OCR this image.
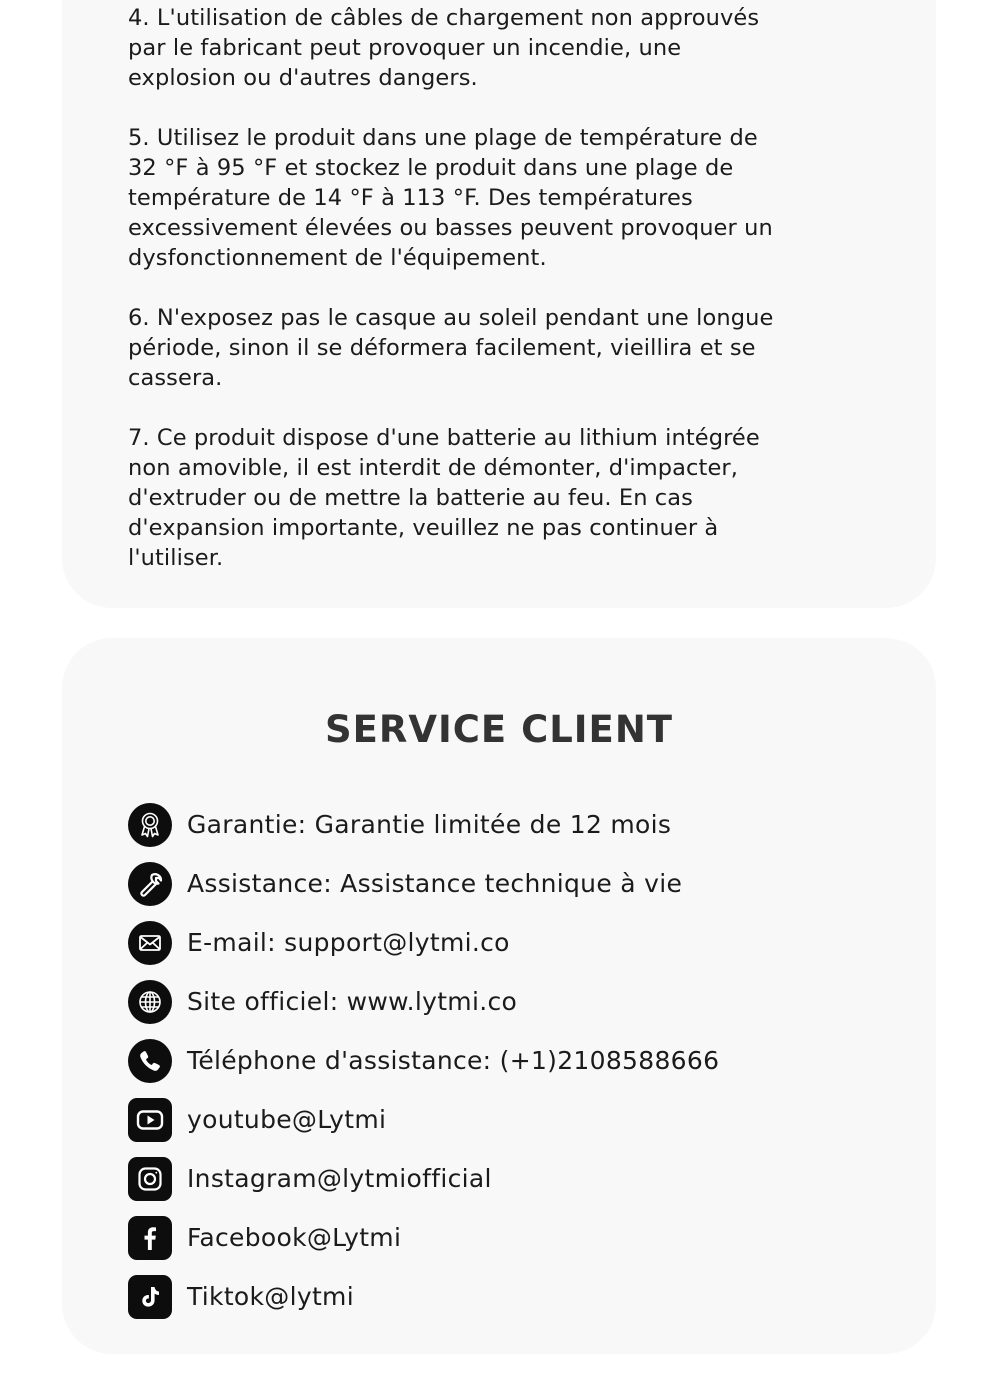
4. L'utilisation de câbles de chargement non approuvés
par le fabricant peut provoquer un incendie, une
explosion ou d'autres dangers.

5. Utilisez le produit dans une plage de température de
32 °F à 95 °F et stockez le produit dans une plage de
température de 14 °F à 113 °F. Des températures
excessivement élevées ou basses peuvent provoquer un
dysfonctionnement de l'équipement.

6. N'exposez pas le casque au soleil pendant une longue
période, sinon il se déformera facilement, vieillira et se
cassera.

7. Ce produit dispose d'une batterie au lithium intégrée
non amovible, il est interdit de démonter, d'impacter,
d'extruder ou de mettre la batterie au feu. En cas
d'expansion importante, veuillez ne pas continuer à
l'utiliser.

SERVICE CLIENT
Garantie: Garantie limitée de 12 mois
Assistance: Assistance technique à vie
E-mail: support@lytmi.co
Site officiel: www.lytmi.co
Téléphone d'assistance: (+1)2108588666
youtube@Lytmi
Instagram@lytmiofficial
Facebook@Lytmi
Tiktok@lytmi
